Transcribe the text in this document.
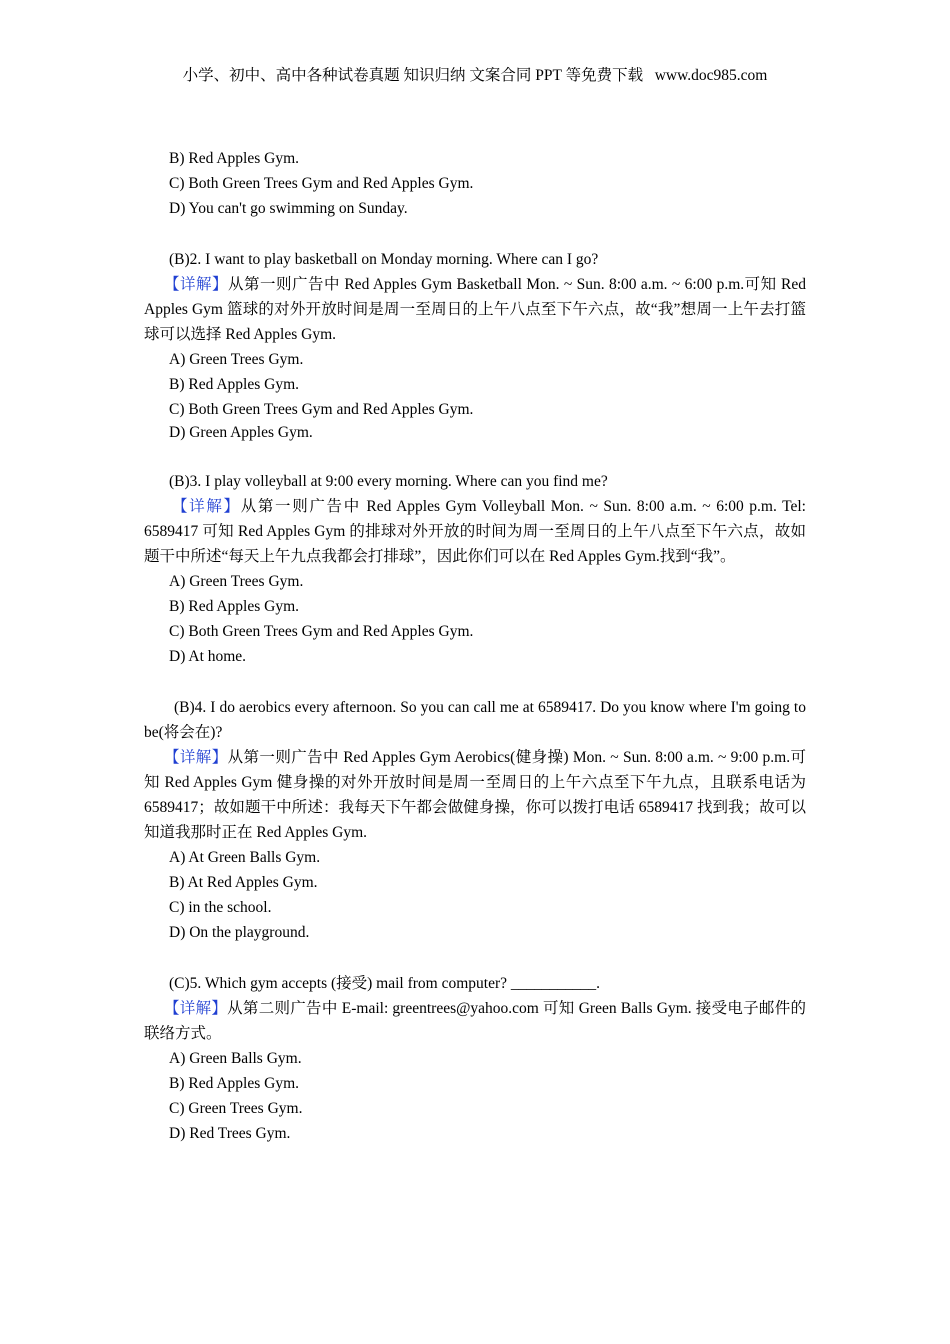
小学、初中、高中各种试卷真题 知识归纳 文案合同 PPT 等免费下载   www.doc985.com
B) Red Apples Gym.
C) Both Green Trees Gym and Red Apples Gym.
D) You can't go swimming on Sunday.
(B)2. I want to play basketball on Monday morning. Where can I go?
【详解】从第一则广告中 Red Apples Gym Basketball Mon. ~ Sun. 8:00 a.m. ~ 6:00 p.m.可知 Red Apples Gym 篮球的对外开放时间是周一至周日的上午八点至下午六点，故“我”想周一上午去打篮球可以选择 Red Apples Gym.
A) Green Trees Gym.
B) Red Apples Gym.
C) Both Green Trees Gym and Red Apples Gym.
D) Green Apples Gym.
(B)3. I play volleyball at 9:00 every morning. Where can you find me?
【详解】从第一则广告中 Red Apples Gym Volleyball Mon. ~ Sun. 8:00 a.m. ~ 6:00 p.m. Tel: 6589417 可知 Red Apples Gym 的排球对外开放的时间为周一至周日的上午八点至下午六点，故如题干中所述“每天上午九点我都会打排球”，因此你们可以在 Red Apples Gym.找到“我”。
A) Green Trees Gym.
B) Red Apples Gym.
C) Both Green Trees Gym and Red Apples Gym.
D) At home.
(B)4. I do aerobics every afternoon. So you can call me at 6589417. Do you know where I'm going to be(将会在)?
【详解】从第一则广告中 Red Apples Gym Aerobics(健身操) Mon. ~ Sun. 8:00 a.m. ~ 9:00 p.m.可知 Red Apples Gym 健身操的对外开放时间是周一至周日的上午六点至下午九点，且联系电话为 6589417；故如题干中所述：我每天下午都会做健身操，你可以拨打电话 6589417 找到我；故可以知道我那时正在 Red Apples Gym.
A) At Green Balls Gym.
B) At Red Apples Gym.
C) in the school.
D) On the playground.
(C)5. Which gym accepts (接受) mail from computer? ___________.
【详解】从第二则广告中 E-mail: greentrees@yahoo.com 可知 Green Balls Gym. 接受电子邮件的联络方式。
A) Green Balls Gym.
B) Red Apples Gym.
C) Green Trees Gym.
D) Red Trees Gym.
